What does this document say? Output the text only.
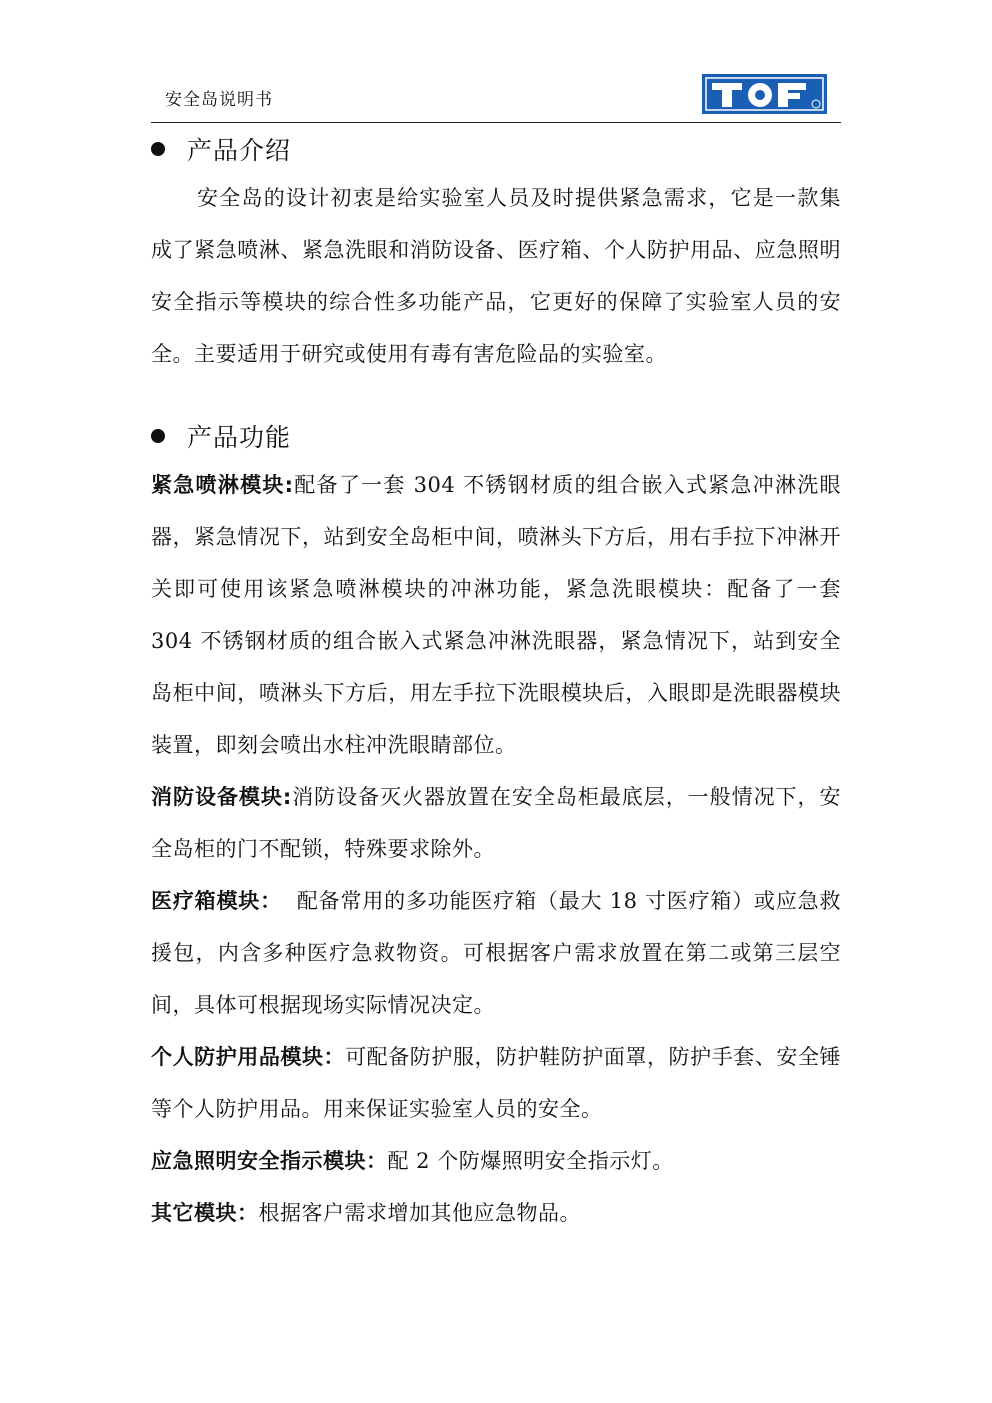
安全岛说明书
产品介绍

安全岛的设计初衷是给实验室人员及时提供紧急需求，它是一款集成了紧急喷淋、紧急洗眼和消防设备、医疗箱、个人防护用品、应急照明安全指示等模块的综合性多功能产品，它更好的保障了实验室人员的安全。主要适用于研究或使用有毒有害危险品的实验室。

产品功能

紧急喷淋模块:配备了一套 304 不锈钢材质的组合嵌入式紧急冲淋洗眼器，紧急情况下，站到安全岛柜中间，喷淋头下方后，用右手拉下冲淋开关即可使用该紧急喷淋模块的冲淋功能，紧急洗眼模块：配备了一套 304 不锈钢材质的组合嵌入式紧急冲淋洗眼器，紧急情况下，站到安全岛柜中间，喷淋头下方后，用左手拉下洗眼模块后，入眼即是洗眼器模块装置，即刻会喷出水柱冲洗眼睛部位。

消防设备模块:消防设备灭火器放置在安全岛柜最底层，一般情况下，安全岛柜的门不配锁，特殊要求除外。

医疗箱模块：  配备常用的多功能医疗箱（最大 18 寸医疗箱）或应急救援包，内含多种医疗急救物资。可根据客户需求放置在第二或第三层空间，具体可根据现场实际情况决定。

个人防护用品模块：可配备防护服，防护鞋防护面罩，防护手套、安全锤等个人防护用品。用来保证实验室人员的安全。

应急照明安全指示模块：配 2 个防爆照明安全指示灯。

其它模块：根据客户需求增加其他应急物品。
